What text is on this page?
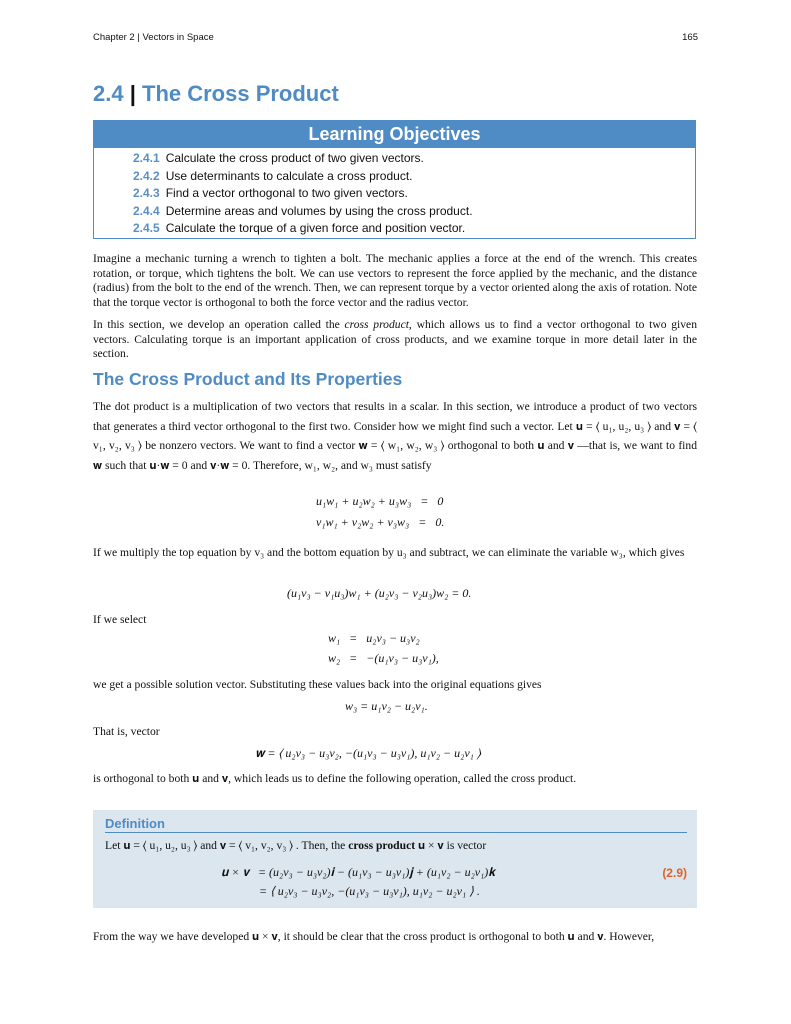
Chapter 2 | Vectors in Space	165
2.4 | The Cross Product
Learning Objectives
2.4.1 Calculate the cross product of two given vectors.
2.4.2 Use determinants to calculate a cross product.
2.4.3 Find a vector orthogonal to two given vectors.
2.4.4 Determine areas and volumes by using the cross product.
2.4.5 Calculate the torque of a given force and position vector.
Imagine a mechanic turning a wrench to tighten a bolt. The mechanic applies a force at the end of the wrench. This creates rotation, or torque, which tightens the bolt. We can use vectors to represent the force applied by the mechanic, and the distance (radius) from the bolt to the end of the wrench. Then, we can represent torque by a vector oriented along the axis of rotation. Note that the torque vector is orthogonal to both the force vector and the radius vector.
In this section, we develop an operation called the cross product, which allows us to find a vector orthogonal to two given vectors. Calculating torque is an important application of cross products, and we examine torque in more detail later in the section.
The Cross Product and Its Properties
The dot product is a multiplication of two vectors that results in a scalar. In this section, we introduce a product of two vectors that generates a third vector orthogonal to the first two. Consider how we might find such a vector. Let 𝐮 = ⟨ u₁, u₂, u₃ ⟩ and 𝐯 = ⟨ v₁, v₂, v₃ ⟩ be nonzero vectors. We want to find a vector 𝐰 = ⟨ w₁, w₂, w₃ ⟩ orthogonal to both 𝐮 and 𝐯 —that is, we want to find 𝐰 such that 𝐮·𝐰 = 0 and 𝐯·𝐰 = 0. Therefore, w₁, w₂, and w₃ must satisfy
u₁w₁ + u₂w₂ + u₃w₃   =   0
v₁w₁ + v₂w₂ + v₃w₃   =   0.
If we multiply the top equation by v₃ and the bottom equation by u₃ and subtract, we can eliminate the variable w₃, which gives
(u₁v₃ − v₁u₃)w₁ + (u₂v₃ − v₂u₃)w₂ = 0.
If we select
w₁   =   u₂v₃ − u₃v₂
w₂   =   −(u₁v₃ − u₃v₁),
we get a possible solution vector. Substituting these values back into the original equations gives
w₃ = u₁v₂ − u₂v₁.
That is, vector
𝐰 = ⟨ u₂v₃ − u₃v₂, −(u₁v₃ − u₃v₁), u₁v₂ − u₂v₁ ⟩
is orthogonal to both 𝐮 and 𝐯, which leads us to define the following operation, called the cross product.
Definition
Let 𝐮 = ⟨ u₁, u₂, u₃ ⟩ and 𝐯 = ⟨ v₁, v₂, v₃ ⟩ . Then, the cross product 𝐮 × 𝐯 is vector
𝐮 × 𝐯   = (u₂v₃ − u₃v₂)𝐢 − (u₁v₃ − u₃v₁)𝐣 + (u₁v₂ − u₂v₁)𝐤
= ⟨ u₂v₃ − u₃v₂, −(u₁v₃ − u₃v₁), u₁v₂ − u₂v₁ ⟩ .
(2.9)
From the way we have developed 𝐮 × 𝐯, it should be clear that the cross product is orthogonal to both 𝐮 and 𝐯. However,
